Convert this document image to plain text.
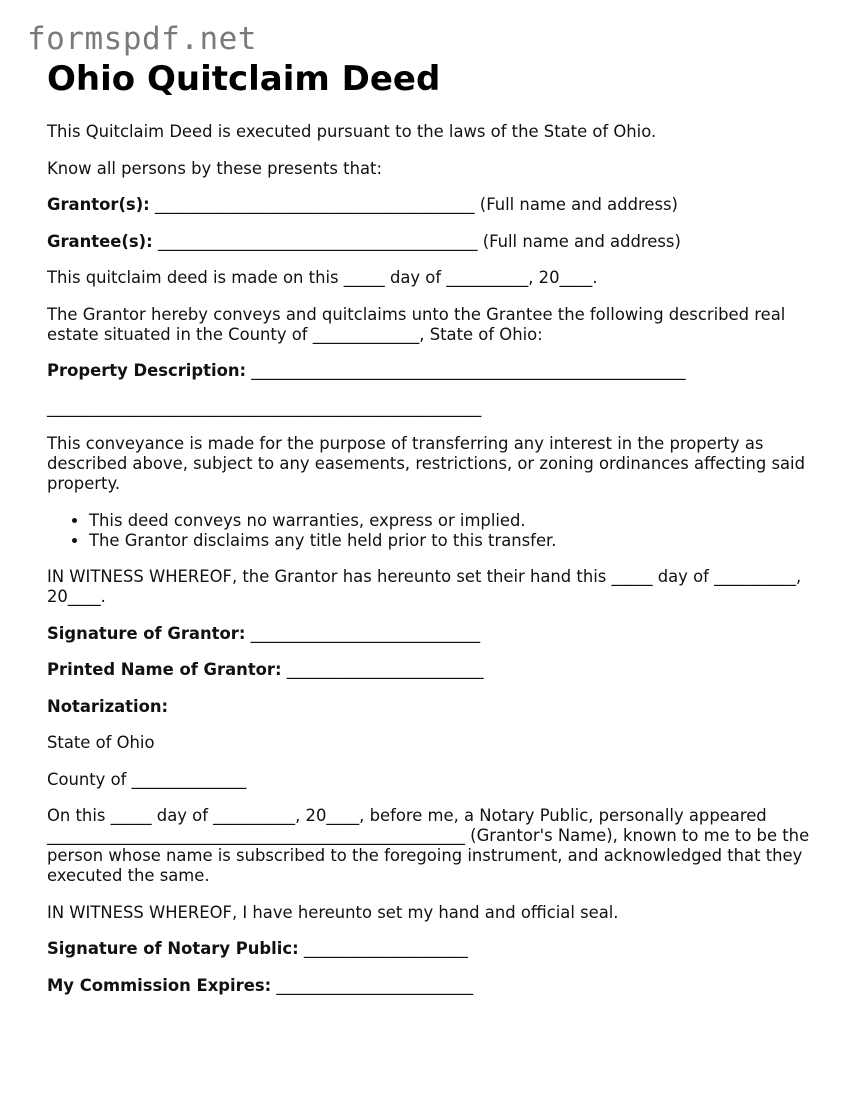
formspdf.net
Ohio Quitclaim Deed

This Quitclaim Deed is executed pursuant to the laws of the State of Ohio.

Know all persons by these presents that:

Grantor(s): _______________________________________ (Full name and address)

Grantee(s): _______________________________________ (Full name and address)

This quitclaim deed is made on this _____ day of __________, 20____.

The Grantor hereby conveys and quitclaims unto the Grantee the following described real estate situated in the County of _____________, State of Ohio:

Property Description: _____________________________________________________

_____________________________________________________

This conveyance is made for the purpose of transferring any interest in the property as described above, subject to any easements, restrictions, or zoning ordinances affecting said property.

• This deed conveys no warranties, express or implied.
• The Grantor disclaims any title held prior to this transfer.

IN WITNESS WHEREOF, the Grantor has hereunto set their hand this _____ day of __________, 20____.

Signature of Grantor: ____________________________

Printed Name of Grantor: ________________________

Notarization:

State of Ohio

County of ______________

On this _____ day of __________, 20____, before me, a Notary Public, personally appeared ___________________________________________________ (Grantor's Name), known to me to be the person whose name is subscribed to the foregoing instrument, and acknowledged that they executed the same.

IN WITNESS WHEREOF, I have hereunto set my hand and official seal.

Signature of Notary Public: ____________________

My Commission Expires: ________________________
